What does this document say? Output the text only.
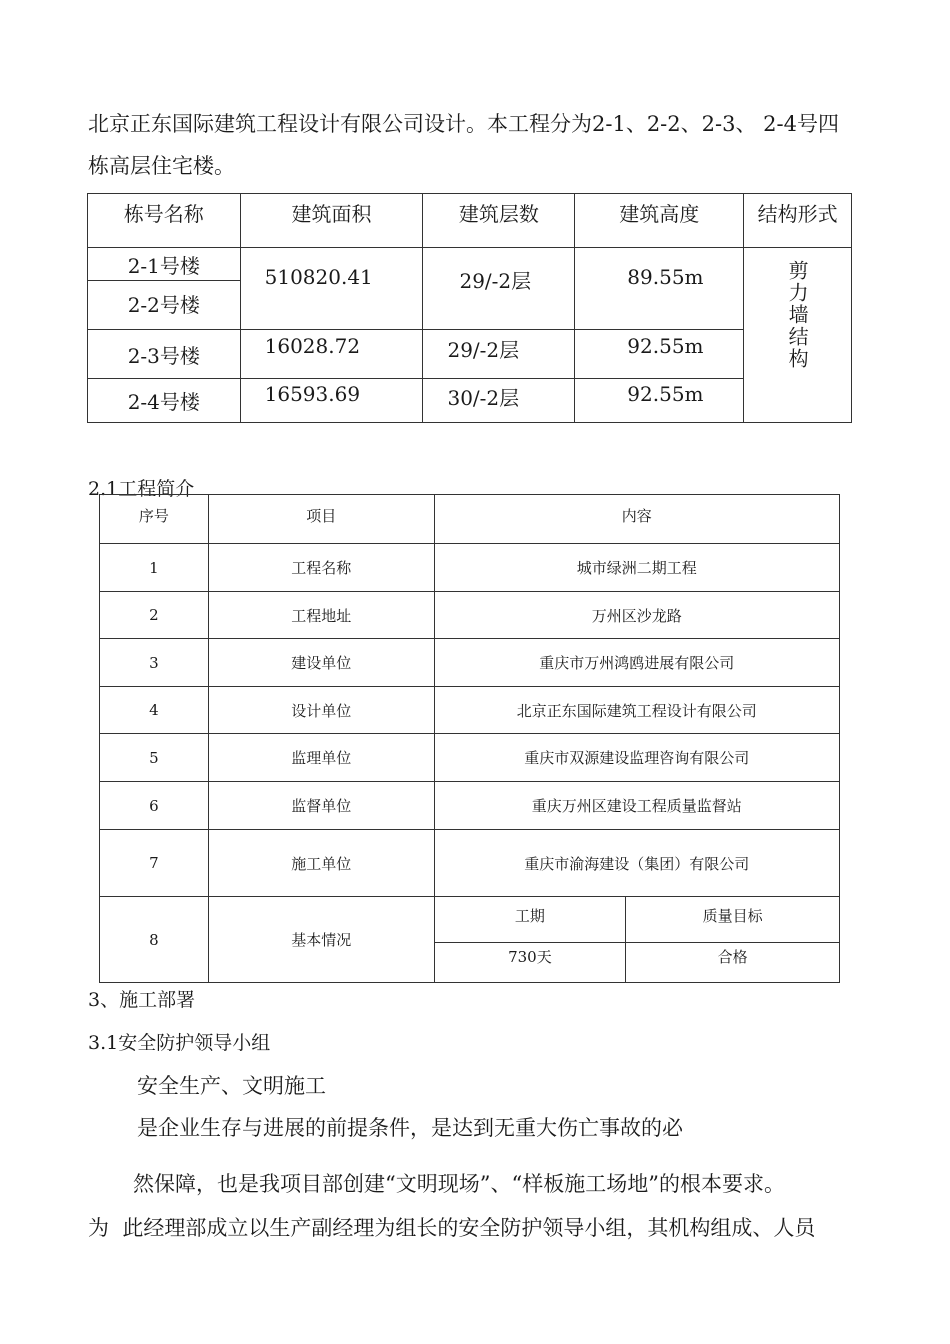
北京正东国际建筑工程设计有限公司设计。本工程分为2-1、2-2、2-3、 2-4号四
栋高层住宅楼。
栋号名称	建筑面积	建筑层数	建筑高度	结构形式
2-1号楼	510820.41	29/-2层	89.55m	剪力墙结构
2-2号楼				
2-3号楼	16028.72	29/-2层	92.55m	
2-4号楼	16593.69	30/-2层	92.55m	
2.1工程简介
序号	项目	内容	
1	工程名称	城市绿洲二期工程	
2	工程地址	万州区沙龙路	
3	建设单位	重庆市万州鸿鸥进展有限公司	
4	设计单位	北京正东国际建筑工程设计有限公司	
5	监理单位	重庆市双源建设监理咨询有限公司	
6	监督单位	重庆万州区建设工程质量监督站	
7	施工单位	重庆市渝海建设（集团）有限公司	
8	基本情况	工期	质量目标
		730天	合格
3、施工部署
3.1安全防护领导小组
安全生产、文明施工
是企业生存与进展的前提条件，是达到无重大伤亡事故的必
然保障，也是我项目部创建“文明现场”、“样板施工场地”的根本要求。
为  此经理部成立以生产副经理为组长的安全防护领导小组，其机构组成、人员
